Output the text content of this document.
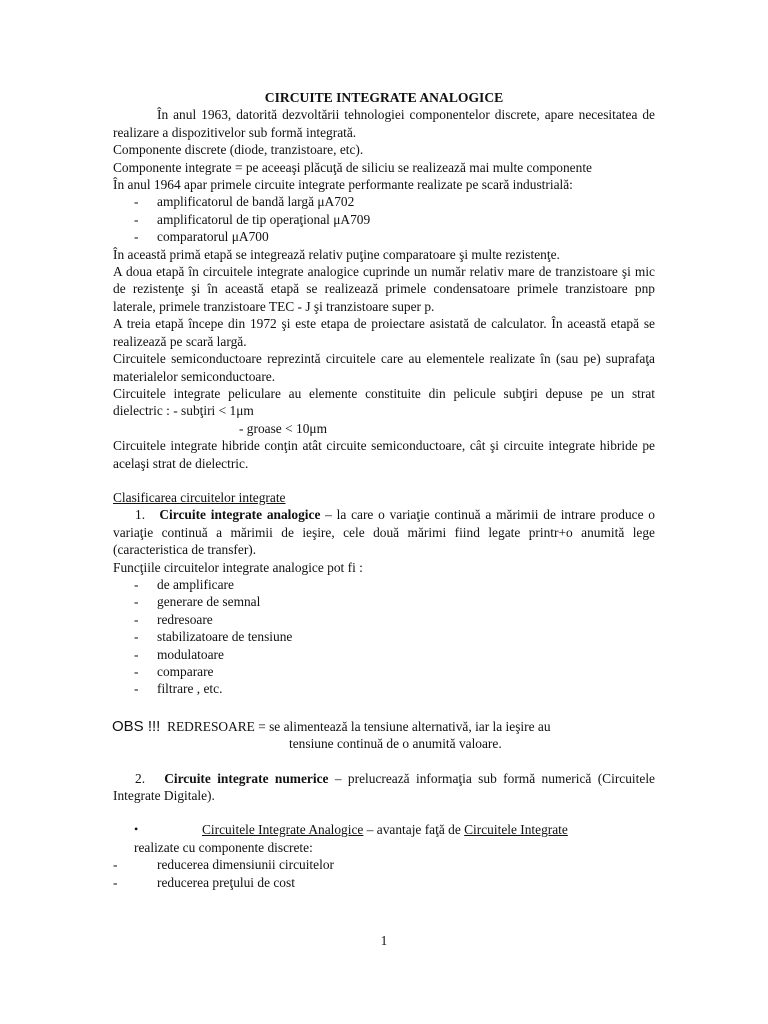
CIRCUITE INTEGRATE ANALOGICE
În anul 1963, datorită dezvoltării tehnologiei componentelor discrete, apare necesitatea de realizare a dispozitivelor sub formă integrată.
Componente discrete (diode, tranzistoare, etc).
Componente integrate = pe aceeaşi plăcuţă de siliciu se realizează mai multe componente
În anul 1964 apar primele circuite integrate performante realizate pe scară industrială:
- amplificatorul de bandă largă μA702
- amplificatorul de tip operaţional μA709
- comparatorul μA700
În această primă etapă se integrează relativ puţine comparatoare şi multe rezistenţe.
A doua etapă în circuitele integrate analogice cuprinde un număr relativ mare de tranzistoare şi mic de rezistenţe şi în această etapă se realizează primele condensatoare primele tranzistoare pnp laterale, primele tranzistoare TEC - J şi tranzistoare super p.
A treia etapă începe din 1972 şi este etapa de proiectare asistată de calculator. În această etapă se realizează pe scară largă.
Circuitele semiconductoare reprezintă circuitele care au elementele realizate în (sau pe) suprafaţa materialelor semiconductoare.
Circuitele integrate peliculare au elemente constituite din pelicule subţiri depuse pe un strat dielectric : - subţiri < 1μm
- groase < 10μm
Circuitele integrate hibride conţin atât circuite semiconductoare, cât şi circuite integrate hibride pe acelaşi strat de dielectric.
Clasificarea circuitelor integrate
1. Circuite integrate analogice – la care o variaţie continuă a mărimii de intrare produce o variaţie continuă a mărimii de ieşire, cele două mărimi fiind legate printr+o anumită lege (caracteristica de transfer).
Funcţiile circuitelor integrate analogice pot fi :
- de amplificare
- generare de semnal
- redresoare
- stabilizatoare de tensiune
- modulatoare
- comparare
- filtrare , etc.
OBS !!! REDRESOARE = se alimentează la tensiune alternativă, iar la ieşire au
tensiune continuă de o anumită valoare.
2. Circuite integrate numerice – prelucrează informaţia sub formă numerică (Circuitele Integrate Digitale).
•	Circuitele Integrate Analogice – avantaje faţă de Circuitele Integrate
realizate cu componente discrete:
-	reducerea dimensiunii circuitelor
-	reducerea preţului de cost
1
